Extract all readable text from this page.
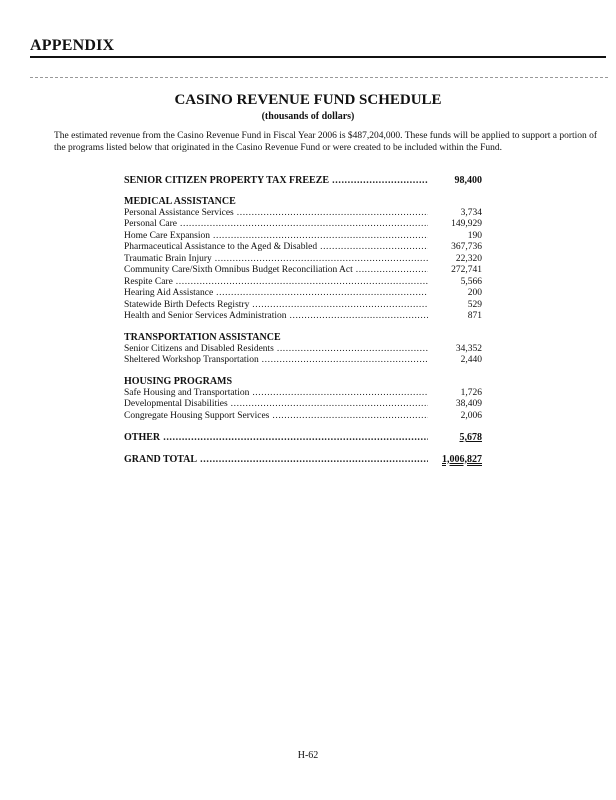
APPENDIX
CASINO REVENUE FUND SCHEDULE
(thousands of dollars)
The estimated revenue from the Casino Revenue Fund in Fiscal Year 2006 is $487,204,000. These funds will be applied to support a portion of the programs listed below that originated in the Casino Revenue Fund or were created to be included within the Fund.
SENIOR CITIZEN PROPERTY TAX FREEZE .....	98,400
MEDICAL ASSISTANCE
Personal Assistance Services .....	3,734
Personal Care .....	149,929
Home Care Expansion .....	190
Pharmaceutical Assistance to the Aged & Disabled .....	367,736
Traumatic Brain Injury .....	22,320
Community Care/Sixth Omnibus Budget Reconciliation Act .....	272,741
Respite Care .....	5,566
Hearing Aid Assistance .....	200
Statewide Birth Defects Registry .....	529
Health and Senior Services Administration .....	871
TRANSPORTATION ASSISTANCE
Senior Citizens and Disabled Residents .....	34,352
Sheltered Workshop Transportation .....	2,440
HOUSING PROGRAMS
Safe Housing and Transportation .....	1,726
Developmental Disabilities .....	38,409
Congregate Housing Support Services .....	2,006
OTHER .....	5,678
GRAND TOTAL .....	1,006,827
H-62
